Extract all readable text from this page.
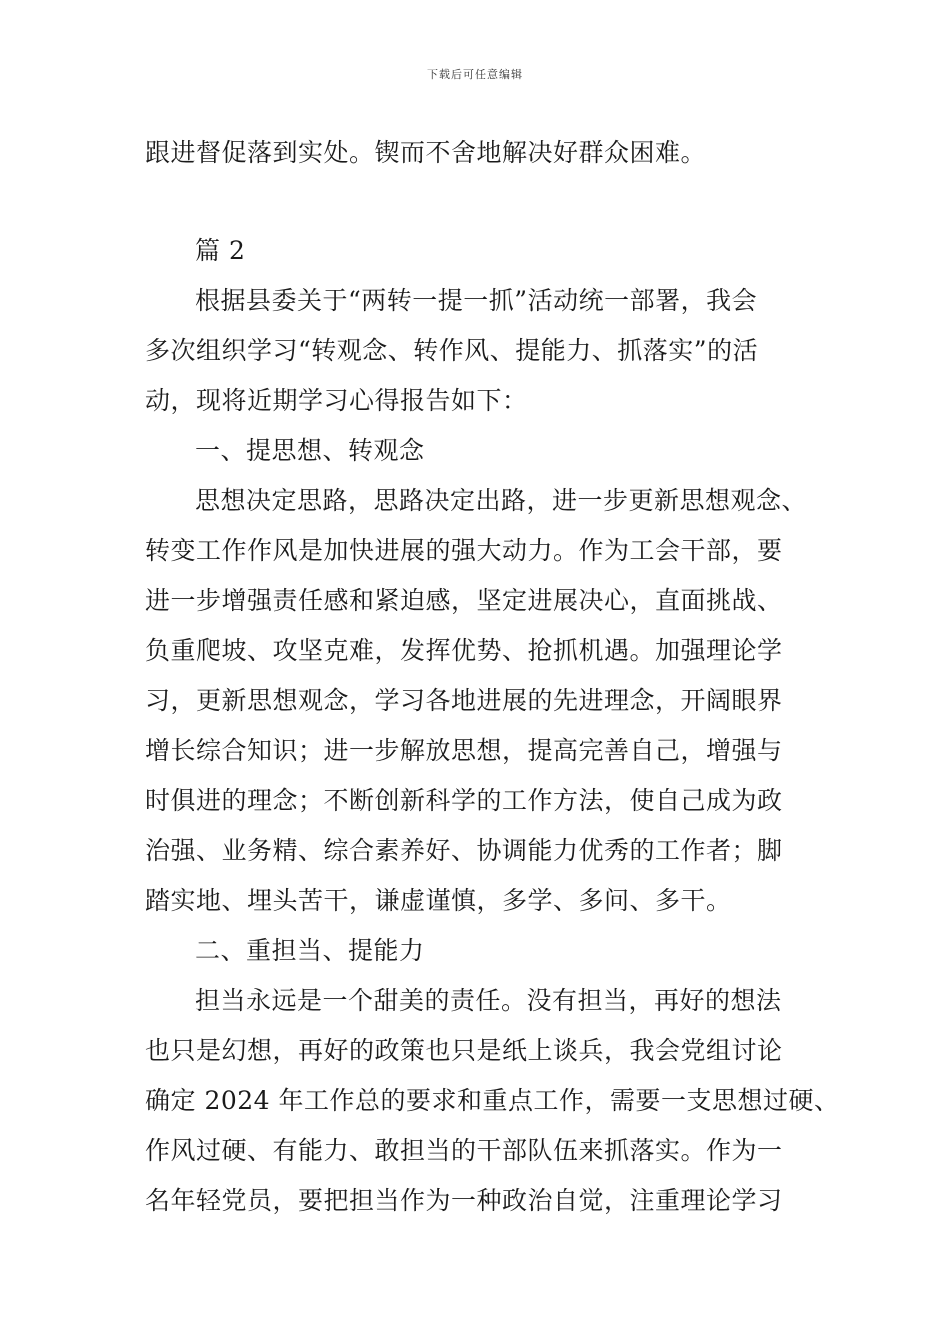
下载后可任意编辑
跟进督促落到实处。锲而不舍地解决好群众困难。
篇 2
根据县委关于“两转一提一抓”活动统一部署，我会
多次组织学习“转观念、转作风、提能力、抓落实”的活
动，现将近期学习心得报告如下：
一、提思想、转观念
思想决定思路，思路决定出路，进一步更新思想观念、
转变工作作风是加快进展的强大动力。作为工会干部，要
进一步增强责任感和紧迫感，坚定进展决心，直面挑战、
负重爬坡、攻坚克难，发挥优势、抢抓机遇。加强理论学
习，更新思想观念，学习各地进展的先进理念，开阔眼界
增长综合知识；进一步解放思想，提高完善自己，增强与
时俱进的理念；不断创新科学的工作方法，使自己成为政
治强、业务精、综合素养好、协调能力优秀的工作者；脚
踏实地、埋头苦干，谦虚谨慎，多学、多问、多干。
二、重担当、提能力
担当永远是一个甜美的责任。没有担当，再好的想法
也只是幻想，再好的政策也只是纸上谈兵，我会党组讨论
确定 2024 年工作总的要求和重点工作，需要一支思想过硬、
作风过硬、有能力、敢担当的干部队伍来抓落实。作为一
名年轻党员，要把担当作为一种政治自觉，注重理论学习
